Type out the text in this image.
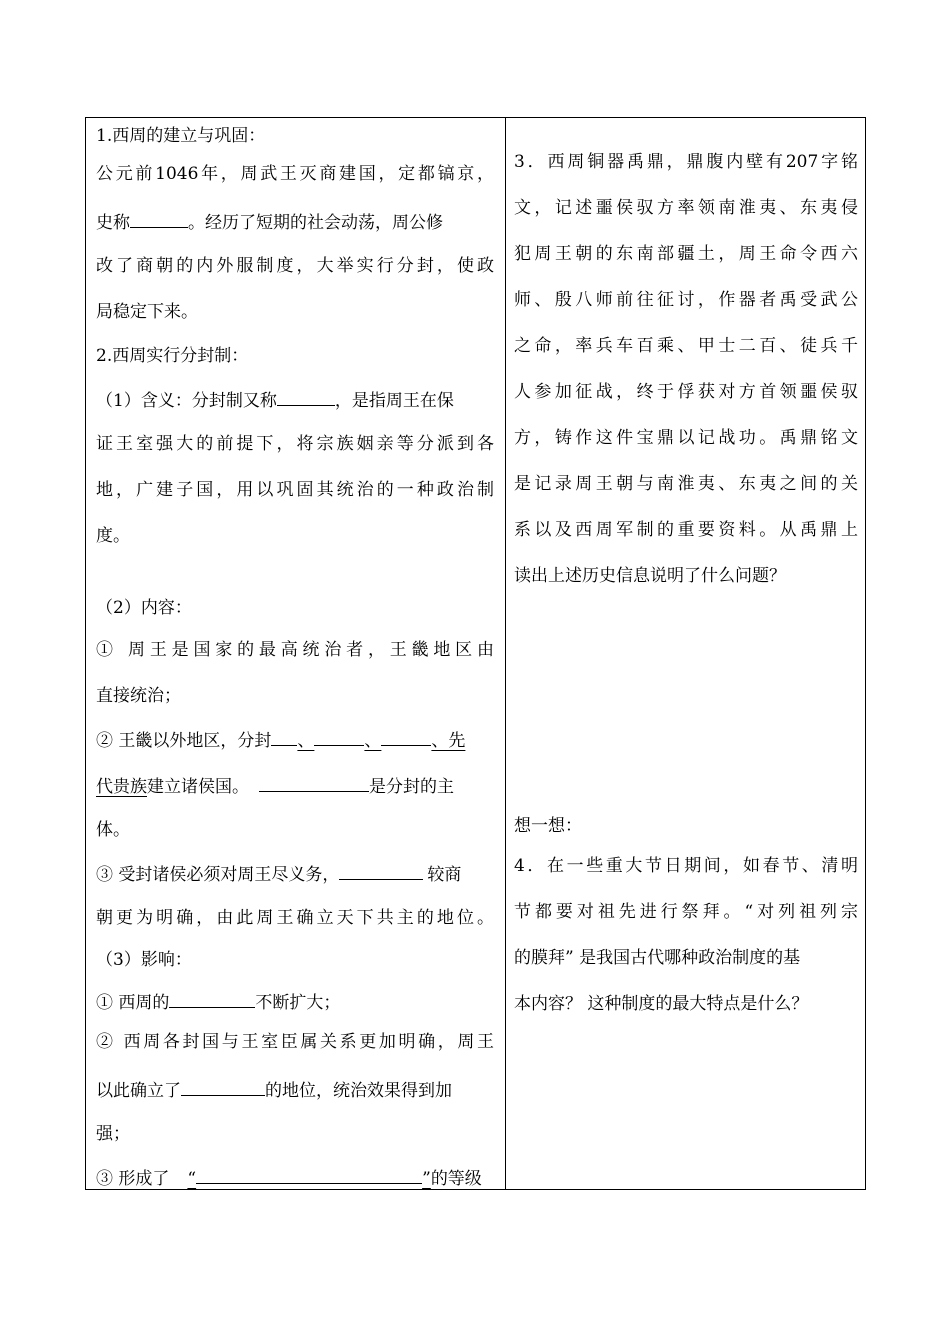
1.西周的建立与巩固：
公元前1046年，周武王灭商建国，定都镐京，
史称	。经历了短期的社会动荡，周公修
改了商朝的内外服制度，大举实行分封，使政
局稳定下来。
2.西周实行分封制：
（1）含义：分封制又称	，是指周王在保
证王室强大的前提下，将宗族姻亲等分派到各
地，广建子国，用以巩固其统治的一种政治制
度。
（2）内容：
① 周王是国家的最高统治者，王畿地区由
直接统治；
② 王畿以外地区，分封 、	、	、先
代贵族建立诸侯国。	是分封的主
体。
③ 受封诸侯必须对周王尽义务，	较商
朝更为明确，由此周王确立天下共主的地位。
（3）影响：
① 西周的	不断扩大；
② 西周各封国与王室臣属关系更加明确，周王
以此确立了	的地位，统治效果得到加
强；
③ 形成了 “	”的等级
3．西周铜器禹鼎，鼎腹内壁有207字铭
文，记述噩侯驭方率领南淮夷、东夷侵
犯周王朝的东南部疆土，周王命令西六
师、殷八师前往征讨，作器者禹受武公
之命，率兵车百乘、甲士二百、徒兵千
人参加征战，终于俘获对方首领噩侯驭
方，铸作这件宝鼎以记战功。禹鼎铭文
是记录周王朝与南淮夷、东夷之间的关
系以及西周军制的重要资料。从禹鼎上
读出上述历史信息说明了什么问题？
想一想：
4．在一些重大节日期间，如春节、清明
节都要对祖先进行祭拜。“对列祖列宗
的膜拜” 是我国古代哪种政治制度的基
本内容？ 这种制度的最大特点是什么？
